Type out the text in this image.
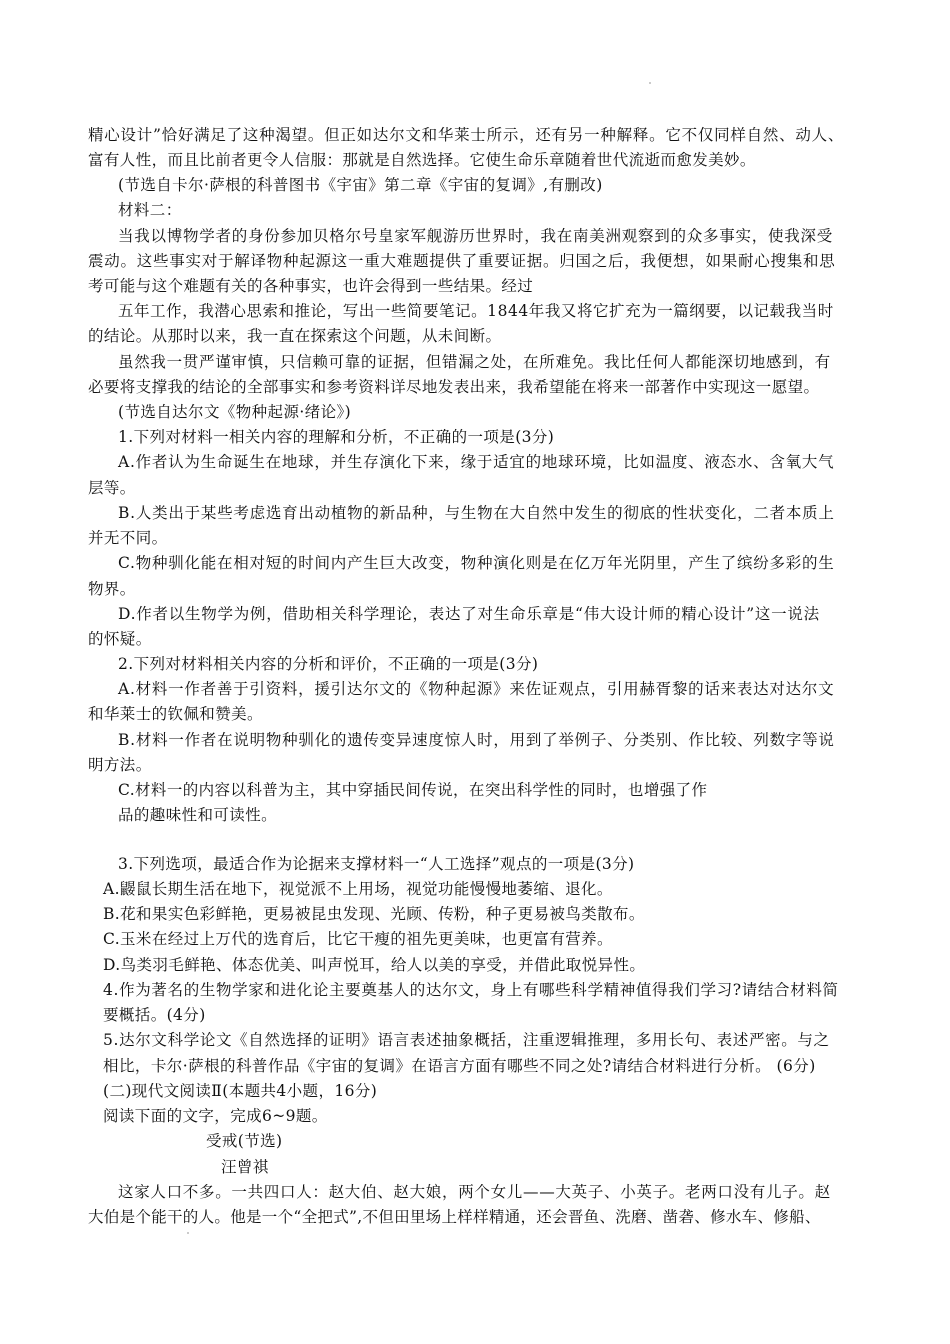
精心设计”恰好满足了这种渴望。但正如达尔文和华莱士所示，还有另一种解释。它不仅同样自然、动人、
富有人性，而且比前者更令人信服：那就是自然选择。它使生命乐章随着世代流逝而愈发美妙。
(节选自卡尔·萨根的科普图书《宇宙》第二章《宇宙的复调》,有删改)
材料二：
当我以博物学者的身份参加贝格尔号皇家军舰游历世界时，我在南美洲观察到的众多事实，使我深受
震动。这些事实对于解译物种起源这一重大难题提供了重要证据。归国之后，我便想，如果耐心搜集和思
考可能与这个难题有关的各种事实，也许会得到一些结果。经过
五年工作，我潜心思索和推论，写出一些简要笔记。1844年我又将它扩充为一篇纲要，以记载我当时
的结论。从那时以来，我一直在探索这个问题，从未间断。
虽然我一贯严谨审慎，只信赖可靠的证据，但错漏之处，在所难免。我比任何人都能深切地感到，有
必要将支撑我的结论的全部事实和参考资料详尽地发表出来，我希望能在将来一部著作中实现这一愿望。
(节选自达尔文《物种起源·绪论》)
1.下列对材料一相关内容的理解和分析，不正确的一项是(3分)
A.作者认为生命诞生在地球，并生存演化下来，缘于适宜的地球环境，比如温度、液态水、含氧大气
层等。
B.人类出于某些考虑选育出动植物的新品种，与生物在大自然中发生的彻底的性状变化，二者本质上
并无不同。
C.物种驯化能在相对短的时间内产生巨大改变，物种演化则是在亿万年光阴里，产生了缤纷多彩的生
物界。
D.作者以生物学为例，借助相关科学理论，表达了对生命乐章是“伟大设计师的精心设计”这一说法
的怀疑。
2.下列对材料相关内容的分析和评价，不正确的一项是(3分)
A.材料一作者善于引资料，援引达尔文的《物种起源》来佐证观点，引用赫胥黎的话来表达对达尔文
和华莱士的钦佩和赞美。
B.材料一作者在说明物种驯化的遗传变异速度惊人时，用到了举例子、分类别、作比较、列数字等说
明方法。
C.材料一的内容以科普为主，其中穿插民间传说，在突出科学性的同时，也增强了作
品的趣味性和可读性。
3.下列选项，最适合作为论据来支撑材料一“人工选择”观点的一项是(3分)
A.鼹鼠长期生活在地下，视觉派不上用场，视觉功能慢慢地萎缩、退化。
B.花和果实色彩鲜艳，更易被昆虫发现、光顾、传粉，种子更易被鸟类散布。
C.玉米在经过上万代的选育后，比它干瘦的祖先更美味，也更富有营养。
D.鸟类羽毛鲜艳、体态优美、叫声悦耳，给人以美的享受，并借此取悦异性。
4.作为著名的生物学家和进化论主要奠基人的达尔文，身上有哪些科学精神值得我们学习?请结合材料简
要概括。(4分)
5.达尔文科学论文《自然选择的证明》语言表述抽象概括，注重逻辑推理，多用长句、表述严密。与之
相比，卡尔·萨根的科普作品《宇宙的复调》在语言方面有哪些不同之处?请结合材料进行分析。 (6分)
(二)现代文阅读Ⅱ(本题共4小题，16分)
阅读下面的文字，完成6~9题。
受戒(节选)
汪曾祺
这家人口不多。一共四口人：赵大伯、赵大娘，两个女儿——大英子、小英子。老两口没有儿子。赵
大伯是个能干的人。他是一个“全把式”,不但田里场上样样精通，还会晋鱼、洗磨、凿砻、修水车、修船、
